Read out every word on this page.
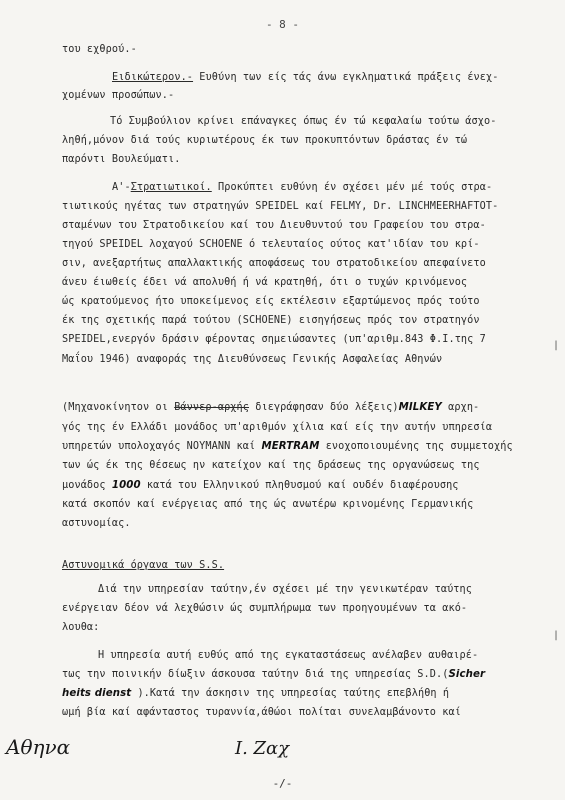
- 8 -
του εχθρού.-
Ειδικώτερον.- Ευθύνη των είς τάς άνω εγκληματικά πράξεις ένεχ-
χομένων προσώπων.-
Τό Συμβούλιον κρίνει επάναγκες όπως έν τώ κεφαλαίω τούτω άσχο-
ληθή,μόνον διά τούς κυριωτέρους έκ των προκυπτόντων δράστας έν τώ
παρόντι Βουλεύματι.
Α'-Στρατιωτικοί. Προκύπτει ευθύνη έν σχέσει μέν μέ τούς στρα-
τιωτικούς ηγέτας των στρατηγών SPEIDEL καί FELMY, Dr. LINCHMEERHAFTOT-
σταμένων του Στρατοδικείου καί του Διευθυντού του Γραφείου του στρα-
τηγού SPEIDEL λοχαγού SCHOENE ό τελευταίος ούτος κατ'ιδίαν του κρί-
σιν, ανεξαρτήτως απαλλακτικής αποφάσεως του στρατοδικείου απεφαίνετο
άνευ έιωθείς έδει νά απολυθή ή νά κρατηθή, ότι ο τυχών κρινόμενος
ώς κρατούμενος ήτο υποκείμενος είς εκτέλεσιν εξαρτώμενος πρός τούτο
έκ της σχετικής παρά τούτου (SCHOENE) εισηγήσεως πρός τον στρατηγόν
SPEIDEL,ενεργόν δράσιν φέροντας σημειώσαντες (υπ'αριθμ.843 Φ.Ι.της 7
Μαΐου 1946) αναφοράς της Διευθύνσεως Γενικής Ασφαλείας Αθηνών
(Μηχανοκίνητον οι Βάννερ-αρχής διεγράφησαν δύο λέξεις)MILKEY αρχη-
γός της έν Ελλάδι μονάδος υπ'αριθμόν χίλια καί είς την αυτήν υπηρεσία
υπηρετών υπολοχαγός NOYMANN καί MERTRAM ενοχοποιουμένης της συμμετοχής
των ώς έκ της θέσεως ην κατείχον καί της δράσεως της οργανώσεως της
μονάδος 1000 κατά του Ελληνικού πληθυσμού καί ουδέν διαφέρουσης
κατά σκοπόν καί ενέργειας από της ώς ανωτέρω κρινομένης Γερμανικής
αστυνομίας.
Αστυνομικά όργανα των S.S.
Διά την υπηρεσίαν ταύτην,έν σχέσει μέ την γενικωτέραν ταύτης
ενέργειαν δέον νά λεχθώσιν ώς συμπλήρωμα των προηγουμένων τα ακό-
λουθα:
Η υπηρεσία αυτή ευθύς από της εγκαταστάσεως ανέλαβεν αυθαιρέ-
τως την ποινικήν δίωξιν άσκουσα ταύτην διά της υπηρεσίας S.D.(Sicher
heits dienst ).Κατά την άσκησιν της υπηρεσίας ταύτης επεβλήθη ή
ωμή βία καί αφάνταστος τυραννία,άθώοι πολίται συνελαμβάνοντο καί
|
|
Αθηνα	Ι. Ζαχ
-/-
